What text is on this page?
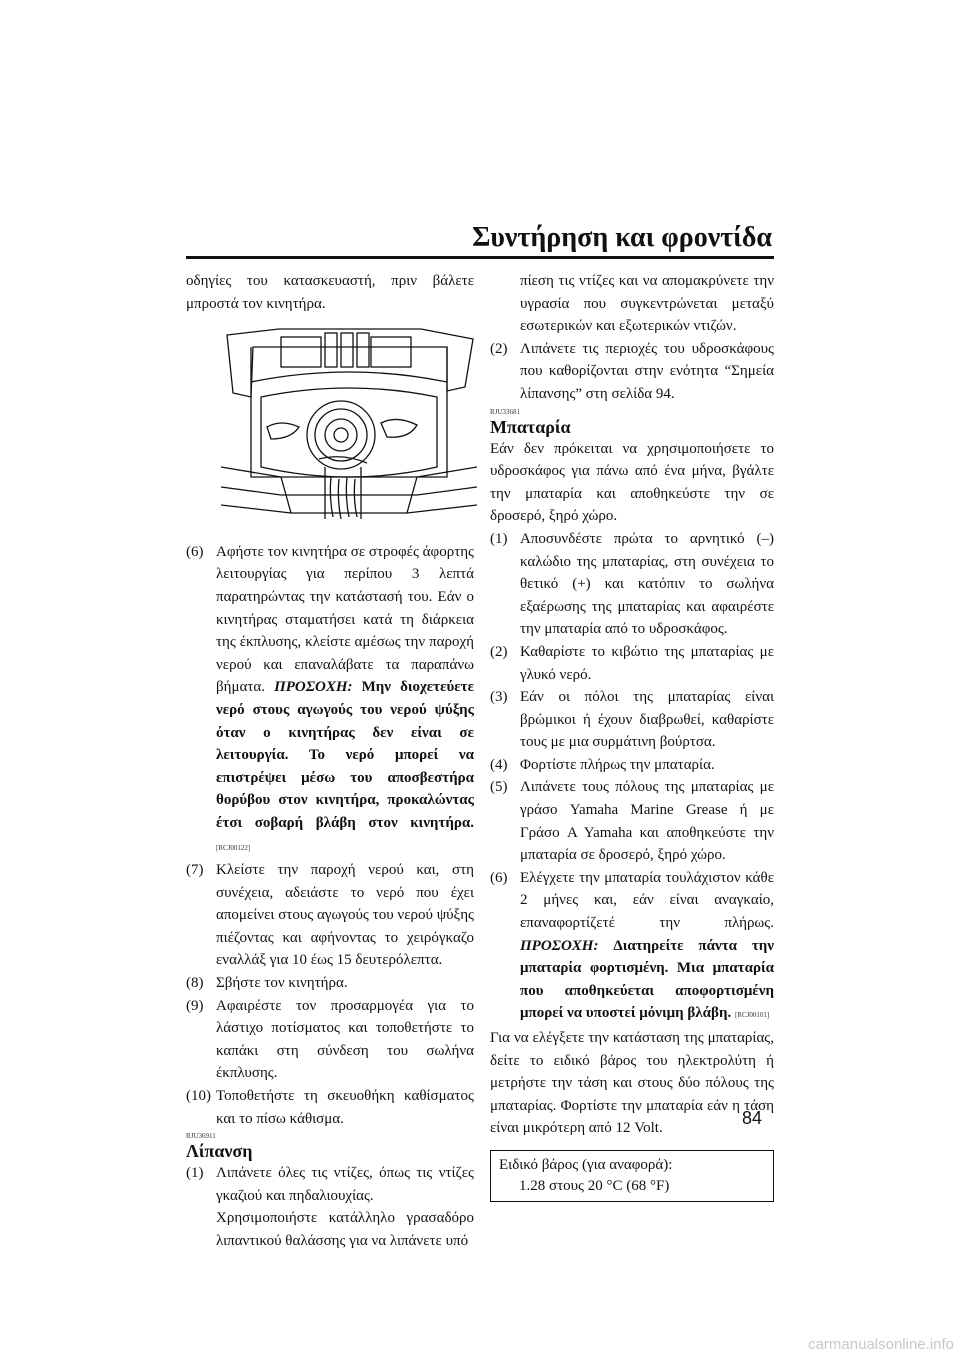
Συντήρηση και φροντίδα

οδηγίες του κατασκευαστή, πριν βάλετε μπροστά τον κινητήρα.

(6) Αφήστε τον κινητήρα σε στροφές άφορτης λειτουργίας για περίπου 3 λεπτά παρατηρώντας την κατάστασή του. Εάν ο κινητήρας σταματήσει κατά τη διάρκεια της έκπλυσης, κλείστε αμέσως την παροχή νερού και επαναλάβατε τα παραπάνω βήματα. ΠΡΟΣΟΧΗ: Μην διοχετεύετε νερό στους αγωγούς του νερού ψύξης όταν ο κινητήρας δεν είναι σε λειτουργία. Το νερό μπορεί να επιστρέψει μέσω του αποσβεστήρα θορύβου στον κινητήρα, προκαλώντας έτσι σοβαρή βλάβη στον κινητήρα. [RCJ00122]
(7) Κλείστε την παροχή νερού και, στη συνέχεια, αδειάστε το νερό που έχει απομείνει στους αγωγούς του νερού ψύξης πιέζοντας και αφήνοντας το χειρόγκαζο εναλλάξ για 10 έως 15 δευτερόλεπτα.
(8) Σβήστε τον κινητήρα.
(9) Αφαιρέστε τον προσαρμογέα για το λάστιχο ποτίσματος και τοποθετήστε το καπάκι στη σύνδεση του σωλήνα έκπλυσης.
(10) Τοποθετήστε τη σκευοθήκη καθίσματος και το πίσω κάθισμα.
RJU36911
Λίπανση
(1) Λιπάνετε όλες τις ντίζες, όπως τις ντίζες γκαζιού και πηδαλιουχίας.

Χρησιμοποιήστε κατάλληλο γρασαδόρο λιπαντικού θαλάσσης για να λιπάνετε υπό

πίεση τις ντίζες και να απομακρύνετε την υγρασία που συγκεντρώνεται μεταξύ εσωτερικών και εξωτερικών ντιζών.

(2) Λιπάνετε τις περιοχές του υδροσκάφους που καθορίζονται στην ενότητα “Σημεία λίπανσης” στη σελίδα 94.
RJU33681
Μπαταρία

Εάν δεν πρόκειται να χρησιμοποιήσετε το υδροσκάφος για πάνω από ένα μήνα, βγάλτε την μπαταρία και αποθηκεύστε την σε δροσερό, ξηρό χώρο.

(1) Αποσυνδέστε πρώτα το αρνητικό (–) καλώδιο της μπαταρίας, στη συνέχεια το θετικό (+) και κατόπιν το σωλήνα εξαέρωσης της μπαταρίας και αφαιρέστε την μπαταρία από το υδροσκάφος.
(2) Καθαρίστε το κιβώτιο της μπαταρίας με γλυκό νερό.
(3) Εάν οι πόλοι της μπαταρίας είναι βρώμικοι ή έχουν διαβρωθεί, καθαρίστε τους με μια συρμάτινη βούρτσα.
(4) Φορτίστε πλήρως την μπαταρία.
(5) Λιπάνετε τους πόλους της μπαταρίας με γράσο Yamaha Marine Grease ή με Γράσο A Yamaha και αποθηκεύστε την μπαταρία σε δροσερό, ξηρό χώρο.
(6) Ελέγχετε την μπαταρία τουλάχιστον κάθε 2 μήνες και, εάν είναι αναγκαίο, επαναφορτίζετέ την πλήρως. ΠΡΟΣΟΧΗ: Διατηρείτε πάντα την μπαταρία φορτισμένη. Μια μπαταρία που αποθηκεύεται αποφορτισμένη μπορεί να υποστεί μόνιμη βλάβη. [RCJ00101]

Για να ελέγξετε την κατάσταση της μπαταρίας, δείτε το ειδικό βάρος του ηλεκτρολύτη ή μετρήστε την τάση και στους δύο πόλους της μπαταρίας. Φορτίστε την μπαταρία εάν η τάση είναι μικρότερη από 12 Volt.

Ειδικό βάρος (για αναφορά):
1.28 στους 20 °C (68 °F)
84
carmanualsonline.info
